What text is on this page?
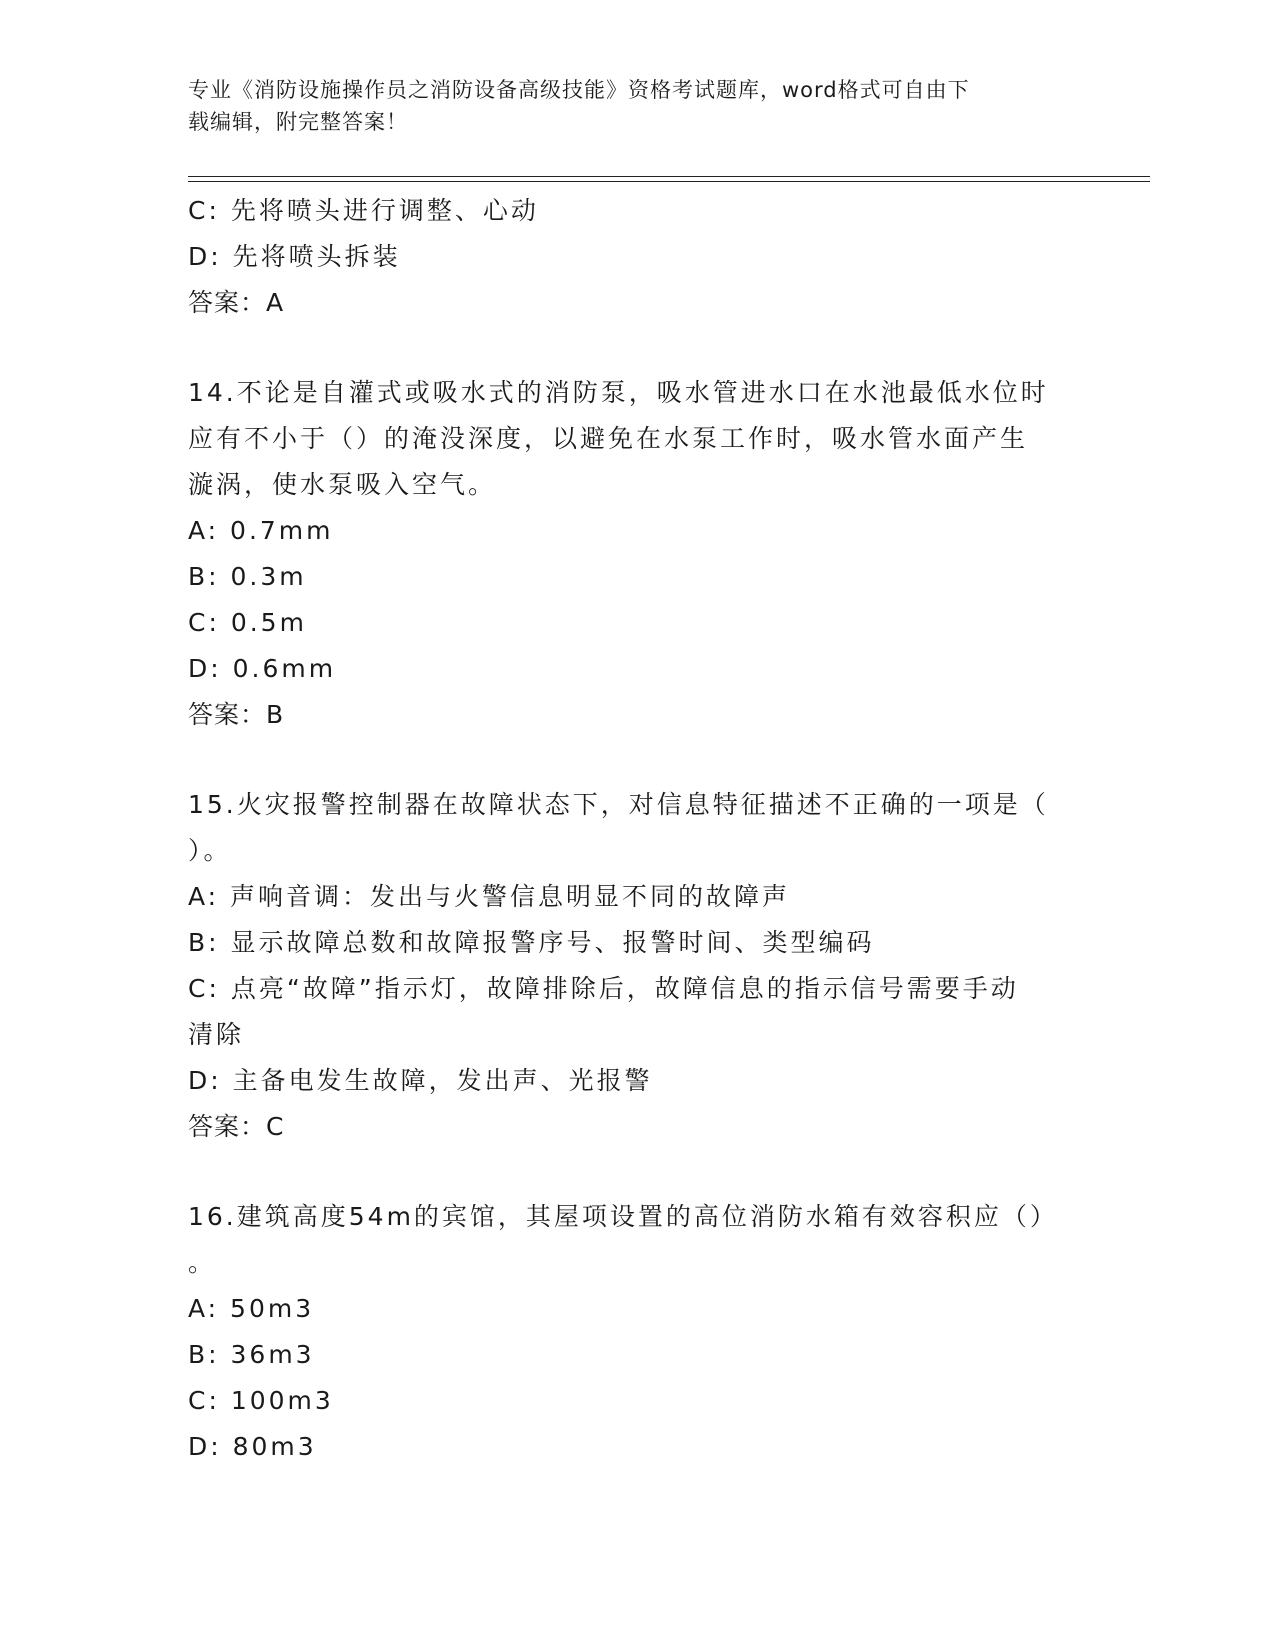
专业《消防设施操作员之消防设备高级技能》资格考试题库，word格式可自由下
载编辑，附完整答案！
C: 先将喷头进行调整、心动
D: 先将喷头拆装
答案：A
14.不论是自灌式或吸水式的消防泵，吸水管进水口在水池最低水位时
应有不小于（）的淹没深度，以避免在水泵工作时，吸水管水面产生
漩涡，使水泵吸入空气。
A: 0.7mm
B: 0.3m
C: 0.5m
D: 0.6mm
答案：B
15.火灾报警控制器在故障状态下，对信息特征描述不正确的一项是（
）。
A: 声响音调：发出与火警信息明显不同的故障声
B: 显示故障总数和故障报警序号、报警时间、类型编码
C: 点亮“故障”指示灯，故障排除后，故障信息的指示信号需要手动
清除
D: 主备电发生故障，发出声、光报警
答案：C
16.建筑高度54m的宾馆，其屋项设置的高位消防水箱有效容积应（）
。
A: 50m3
B: 36m3
C: 100m3
D: 80m3
